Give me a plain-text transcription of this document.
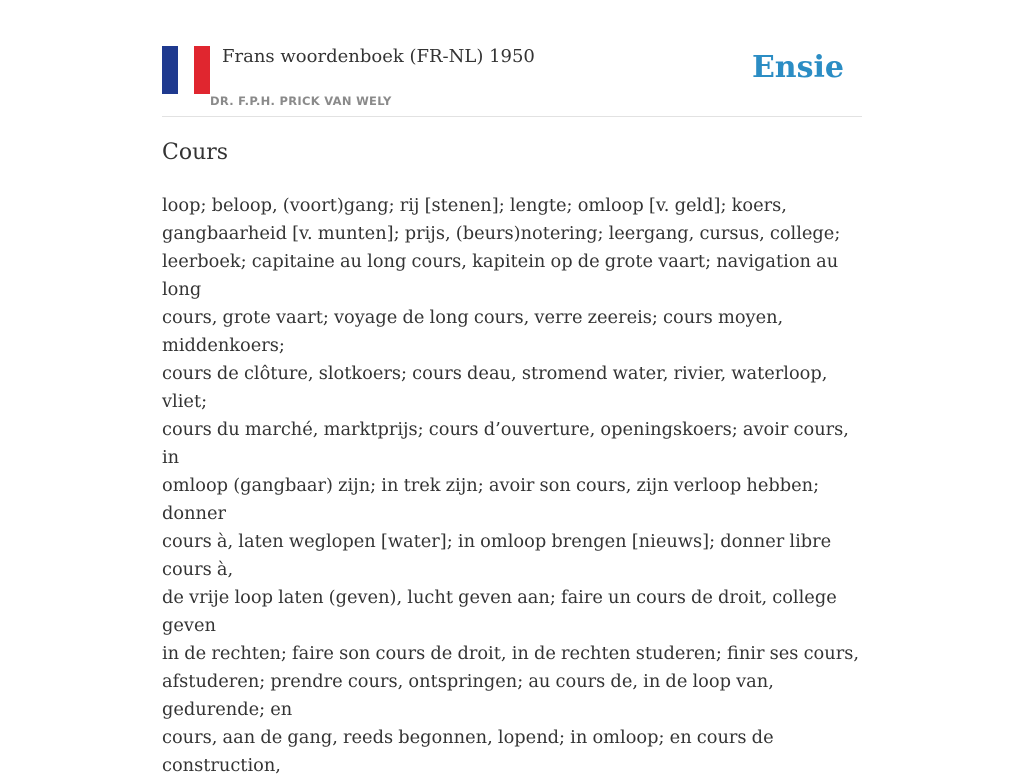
Frans woordenboek (FR-NL) 1950
DR. F.P.H. PRICK VAN WELY
Ensie
Cours

loop; beloop, (voort)gang; rij [stenen]; lengte; omloop [v. geld]; koers,
gangbaarheid [v. munten]; prijs, (beurs)notering; leergang, cursus, college;
leerboek; capitaine au long cours, kapitein op de grote vaart; navigation au long
cours, grote vaart; voyage de long cours, verre zeereis; cours moyen, middenkoers;
cours de clôture, slotkoers; cours deau, stromend water, rivier, waterloop, vliet;
cours du marché, marktprijs; cours d’ouverture, openingskoers; avoir cours, in
omloop (gangbaar) zijn; in trek zijn; avoir son cours, zijn verloop hebben; donner
cours à, laten weglopen [water]; in omloop brengen [nieuws]; donner libre cours à,
de vrije loop laten (geven), lucht geven aan; faire un cours de droit, college geven
in de rechten; faire son cours de droit, in de rechten studeren; finir ses cours,
afstuderen; prendre cours, ontspringen; au cours de, in de loop van, gedurende; en
cours, aan de gang, reeds begonnen, lopend; in omloop; en cours de construction,
